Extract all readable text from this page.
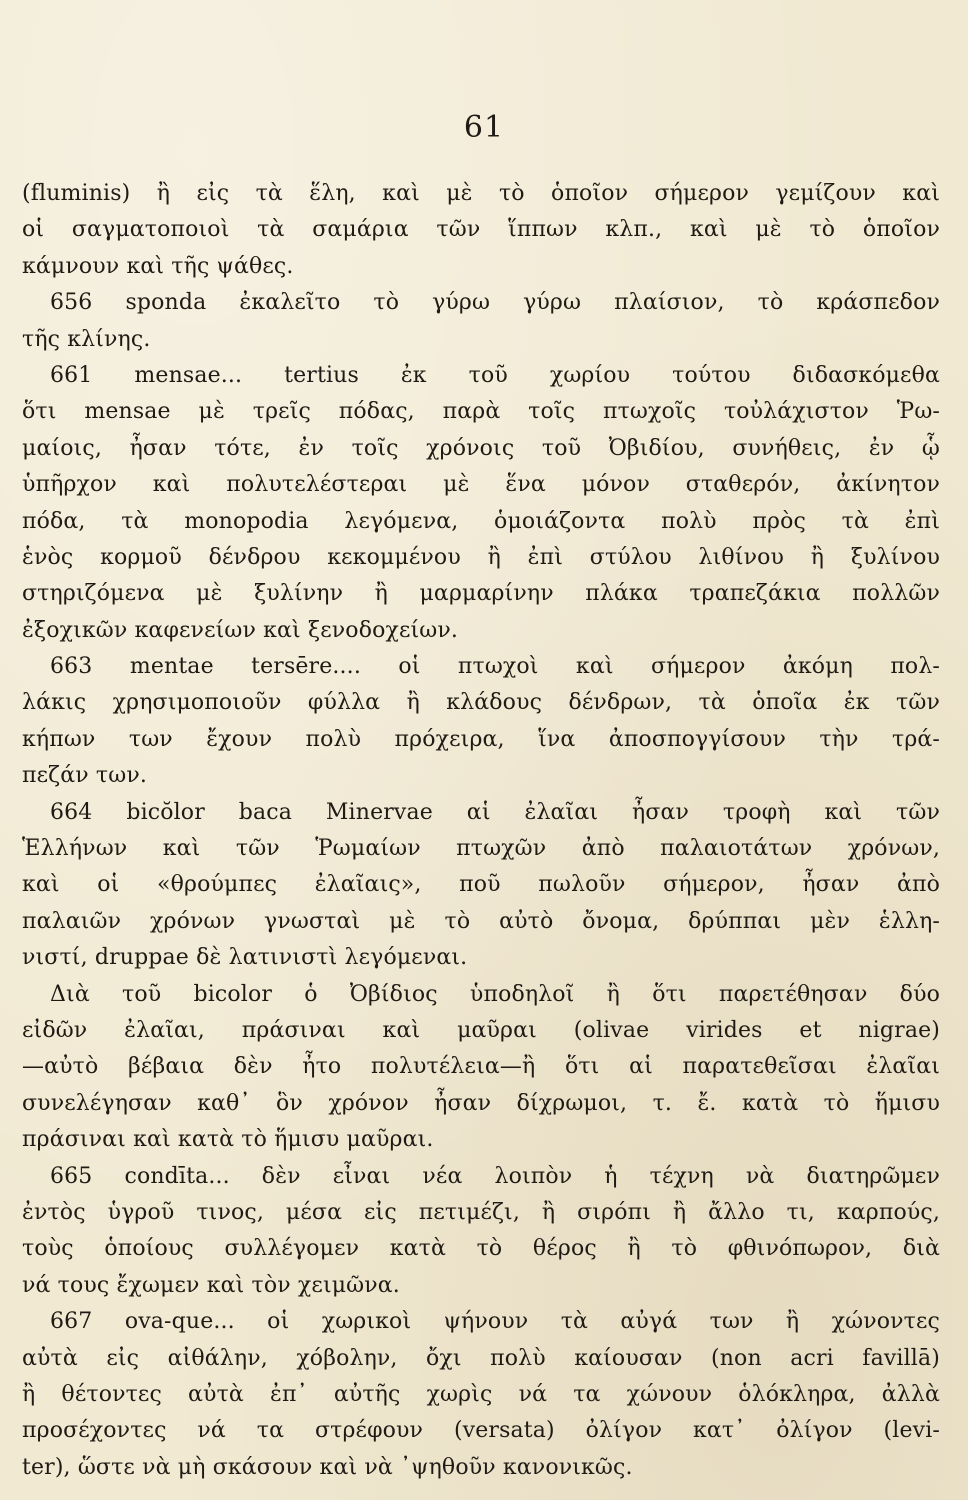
61
(fluminis) ἢ εἰς τὰ ἕλη, καὶ μὲ τὸ ὁποῖον σήμερον γεμίζουν καὶ
οἱ σαγματοποιοὶ τὰ σαμάρια τῶν ἵππων κλπ., καὶ μὲ τὸ ὁποῖον
κάμνουν καὶ τῆς ψάθες.
656 sponda ἐκαλεῖτο τὸ γύρω γύρω πλαίσιον, τὸ κράσπεδον
τῆς κλίνης.
661 mensae... tertius ἐκ τοῦ χωρίου τούτου διδασκόμεθα
ὅτι mensae μὲ τρεῖς πόδας, παρὰ τοῖς πτωχοῖς τοὐλάχιστον Ῥω-
μαίοις, ἦσαν τότε, ἐν τοῖς χρόνοις τοῦ Ὀβιδίου, συνήθεις, ἐν ᾧ
ὑπῆρχον καὶ πολυτελέστεραι μὲ ἕνα μόνον σταθερόν, ἀκίνητον
πόδα, τὰ monopodia λεγόμενα, ὁμοιάζοντα πολὺ πρὸς τὰ ἐπὶ
ἑνὸς κορμοῦ δένδρου κεκομμένου ἢ ἐπὶ στύλου λιθίνου ἢ ξυλίνου
στηριζόμενα μὲ ξυλίνην ἢ μαρμαρίνην πλάκα τραπεζάκια πολλῶν
ἐξοχικῶν καφενείων καὶ ξενοδοχείων.
663 mentae tersēre.... οἱ πτωχοὶ καὶ σήμερον ἀκόμη πολ-
λάκις χρησιμοποιοῦν φύλλα ἢ κλάδους δένδρων, τὰ ὁποῖα ἐκ τῶν
κήπων των ἔχουν πολὺ πρόχειρα, ἵνα ἀποσπογγίσουν τὴν τρά-
πεζάν των.
664 bicŏlor baca Minervae αἱ ἐλαῖαι ἦσαν τροφὴ καὶ τῶν
Ἑλλήνων καὶ τῶν Ῥωμαίων πτωχῶν ἀπὸ παλαιοτάτων χρόνων,
καὶ οἱ «θρούμπες ἐλαῖαις», ποῦ πωλοῦν σήμερον, ἦσαν ἀπὸ
παλαιῶν χρόνων γνωσταὶ μὲ τὸ αὐτὸ ὄνομα, δρύππαι μὲν ἑλλη-
νιστί, druppae δὲ λατινιστὶ λεγόμεναι.
Διὰ τοῦ bicolor ὁ Ὀβίδιος ὑποδηλοῖ ἢ ὅτι παρετέθησαν δύο
εἰδῶν ἐλαῖαι, πράσιναι καὶ μαῦραι (olivae virides et nigrae)
—αὐτὸ βέβαια δὲν ἦτο πολυτέλεια—ἢ ὅτι αἱ παρατεθεῖσαι ἐλαῖαι
συνελέγησαν καθ᾽ ὃν χρόνον ἦσαν δίχρωμοι, τ. ἔ. κατὰ τὸ ἥμισυ
πράσιναι καὶ κατὰ τὸ ἥμισυ μαῦραι.
665 condīta... δὲν εἶναι νέα λοιπὸν ἡ τέχνη νὰ διατηρῶμεν
ἐντὸς ὑγροῦ τινος, μέσα εἰς πετιμέζι, ἢ σιρόπι ἢ ἄλλο τι, καρπούς,
τοὺς ὁποίους συλλέγομεν κατὰ τὸ θέρος ἢ τὸ φθινόπωρον, διὰ
νά τους ἔχωμεν καὶ τὸν χειμῶνα.
667 ova-que... οἱ χωρικοὶ ψήνουν τὰ αὐγά των ἢ χώνοντες
αὐτὰ εἰς αἰθάλην, χόβολην, ὄχι πολὺ καίουσαν (non acri favillā)
ἢ θέτοντες αὐτὰ ἐπ᾽ αὐτῆς χωρὶς νά τα χώνουν ὁλόκληρα, ἀλλὰ
προσέχοντες νά τα στρέφουν (versata) ὀλίγον κατ᾽ ὀλίγον (levi-
ter), ὥστε νὰ μὴ σκάσουν καὶ νὰ ᾽ψηθοῦν κανονικῶς.
